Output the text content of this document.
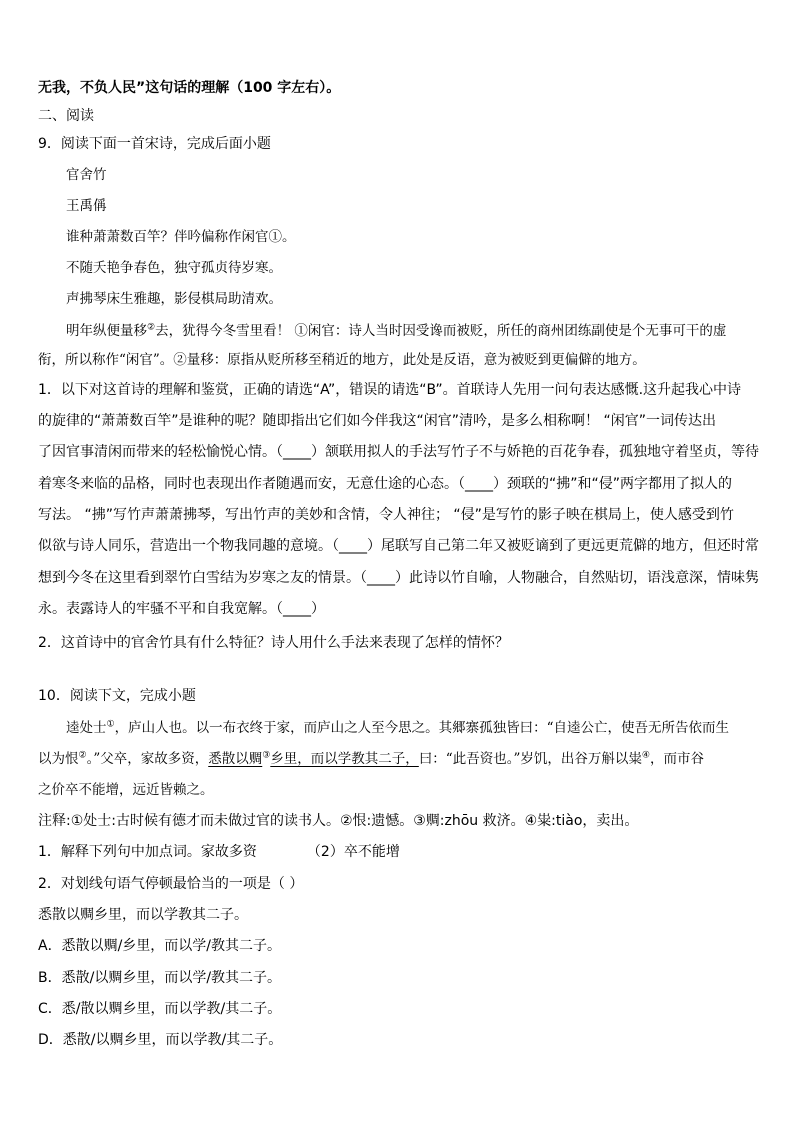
无我，不负人民”这句话的理解（100 字左右）。
二、阅读
9．阅读下面一首宋诗，完成后面小题
官舍竹
王禹偁
谁种萧萧数百竿？伴吟偏称作闲官①。
不随夭艳争春色，独守孤贞待岁寒。
声拂琴床生雅趣，影侵棋局助清欢。
明年纵便量移②去，犹得今冬雪里看！ ①闲官：诗人当时因受谗而被贬，所任的商州团练副使是个无事可干的虚
衔，所以称作“闲官”。②量移：原指从贬所移至稍近的地方，此处是反语，意为被贬到更偏僻的地方。
1．以下对这首诗的理解和鉴赏，正确的请选“A”，错误的请选“B”。首联诗人先用一问句表达感慨.这升起我心中诗
的旋律的“萧萧数百竿”是谁种的呢？随即指出它们如今伴我这“闲官”清吟，是多么相称啊！ “闲官”一词传达出
了因官事清闲而带来的轻松愉悦心情。（____）颔联用拟人的手法写竹子不与娇艳的百花争春，孤独地守着坚贞，等待
着寒冬来临的品格，同时也表现出作者随遇而安，无意仕途的心态。（____）颈联的“拂”和“侵”两字都用了拟人的
写法。 “拂”写竹声萧萧拂琴，写出竹声的美妙和含情，令人神往； “侵”是写竹的影子映在棋局上，使人感受到竹
似欲与诗人同乐，营造出一个物我同趣的意境。（____）尾联写自己第二年又被贬谪到了更远更荒僻的地方，但还时常
想到今冬在这里看到翠竹白雪结为岁寒之友的情景。（____）此诗以竹自喻，人物融合，自然贴切，语浅意深，情味隽
永。表露诗人的牢骚不平和自我宽解。（____）
2．这首诗中的官舍竹具有什么特征？诗人用什么手法来表现了怎样的情怀？
10．阅读下文，完成小题
逵处士①，庐山人也。以一布衣终于家，而庐山之人至今思之。其郷寨孤独皆曰：“自逵公亡，使吾无所告依而生
以为恨②。”父卒，家故多资，悉散以赒③乡里，而以学教其二子，曰：“此吾资也。”岁饥，出谷万斛以粜④，而市谷
之价卒不能增，远近皆赖之。
注释:①处士:古时候有德才而未做过官的读书人。②恨:遗憾。③赒:zhōu 救济。④粜:tiào，卖出。
1．解释下列句中加点词。家故多资	（2）卒不能增
2．对划线句语气停顿最恰当的一项是（ ）
悉散以赒乡里，而以学教其二子。
A．悉散以赒/乡里，而以学/教其二子。
B．悉散/以赒乡里，而以学/教其二子。
C．悉/散以赒乡里，而以学教/其二子。
D．悉散/以赒乡里，而以学教/其二子。
